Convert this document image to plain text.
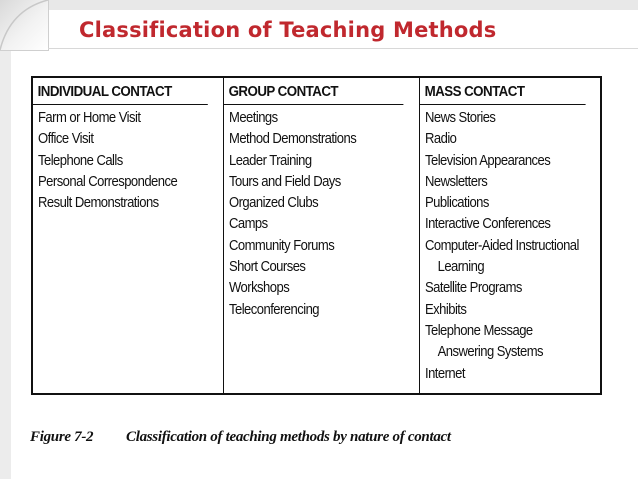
Classification of Teaching Methods
INDIVIDUAL CONTACT
Farm or Home Visit
Office Visit
Telephone Calls
Personal Correspondence
Result Demonstrations
GROUP CONTACT
Meetings
Method Demonstrations
Leader Training
Tours and Field Days
Organized Clubs
Camps
Community Forums
Short Courses
Workshops
Teleconferencing
MASS CONTACT
News Stories
Radio
Television Appearances
Newsletters
Publications
Interactive Conferences
Computer-Aided Instructional
Learning
Satellite Programs
Exhibits
Telephone Message
Answering Systems
Internet
Figure 7-2 Classification of teaching methods by nature of contact
